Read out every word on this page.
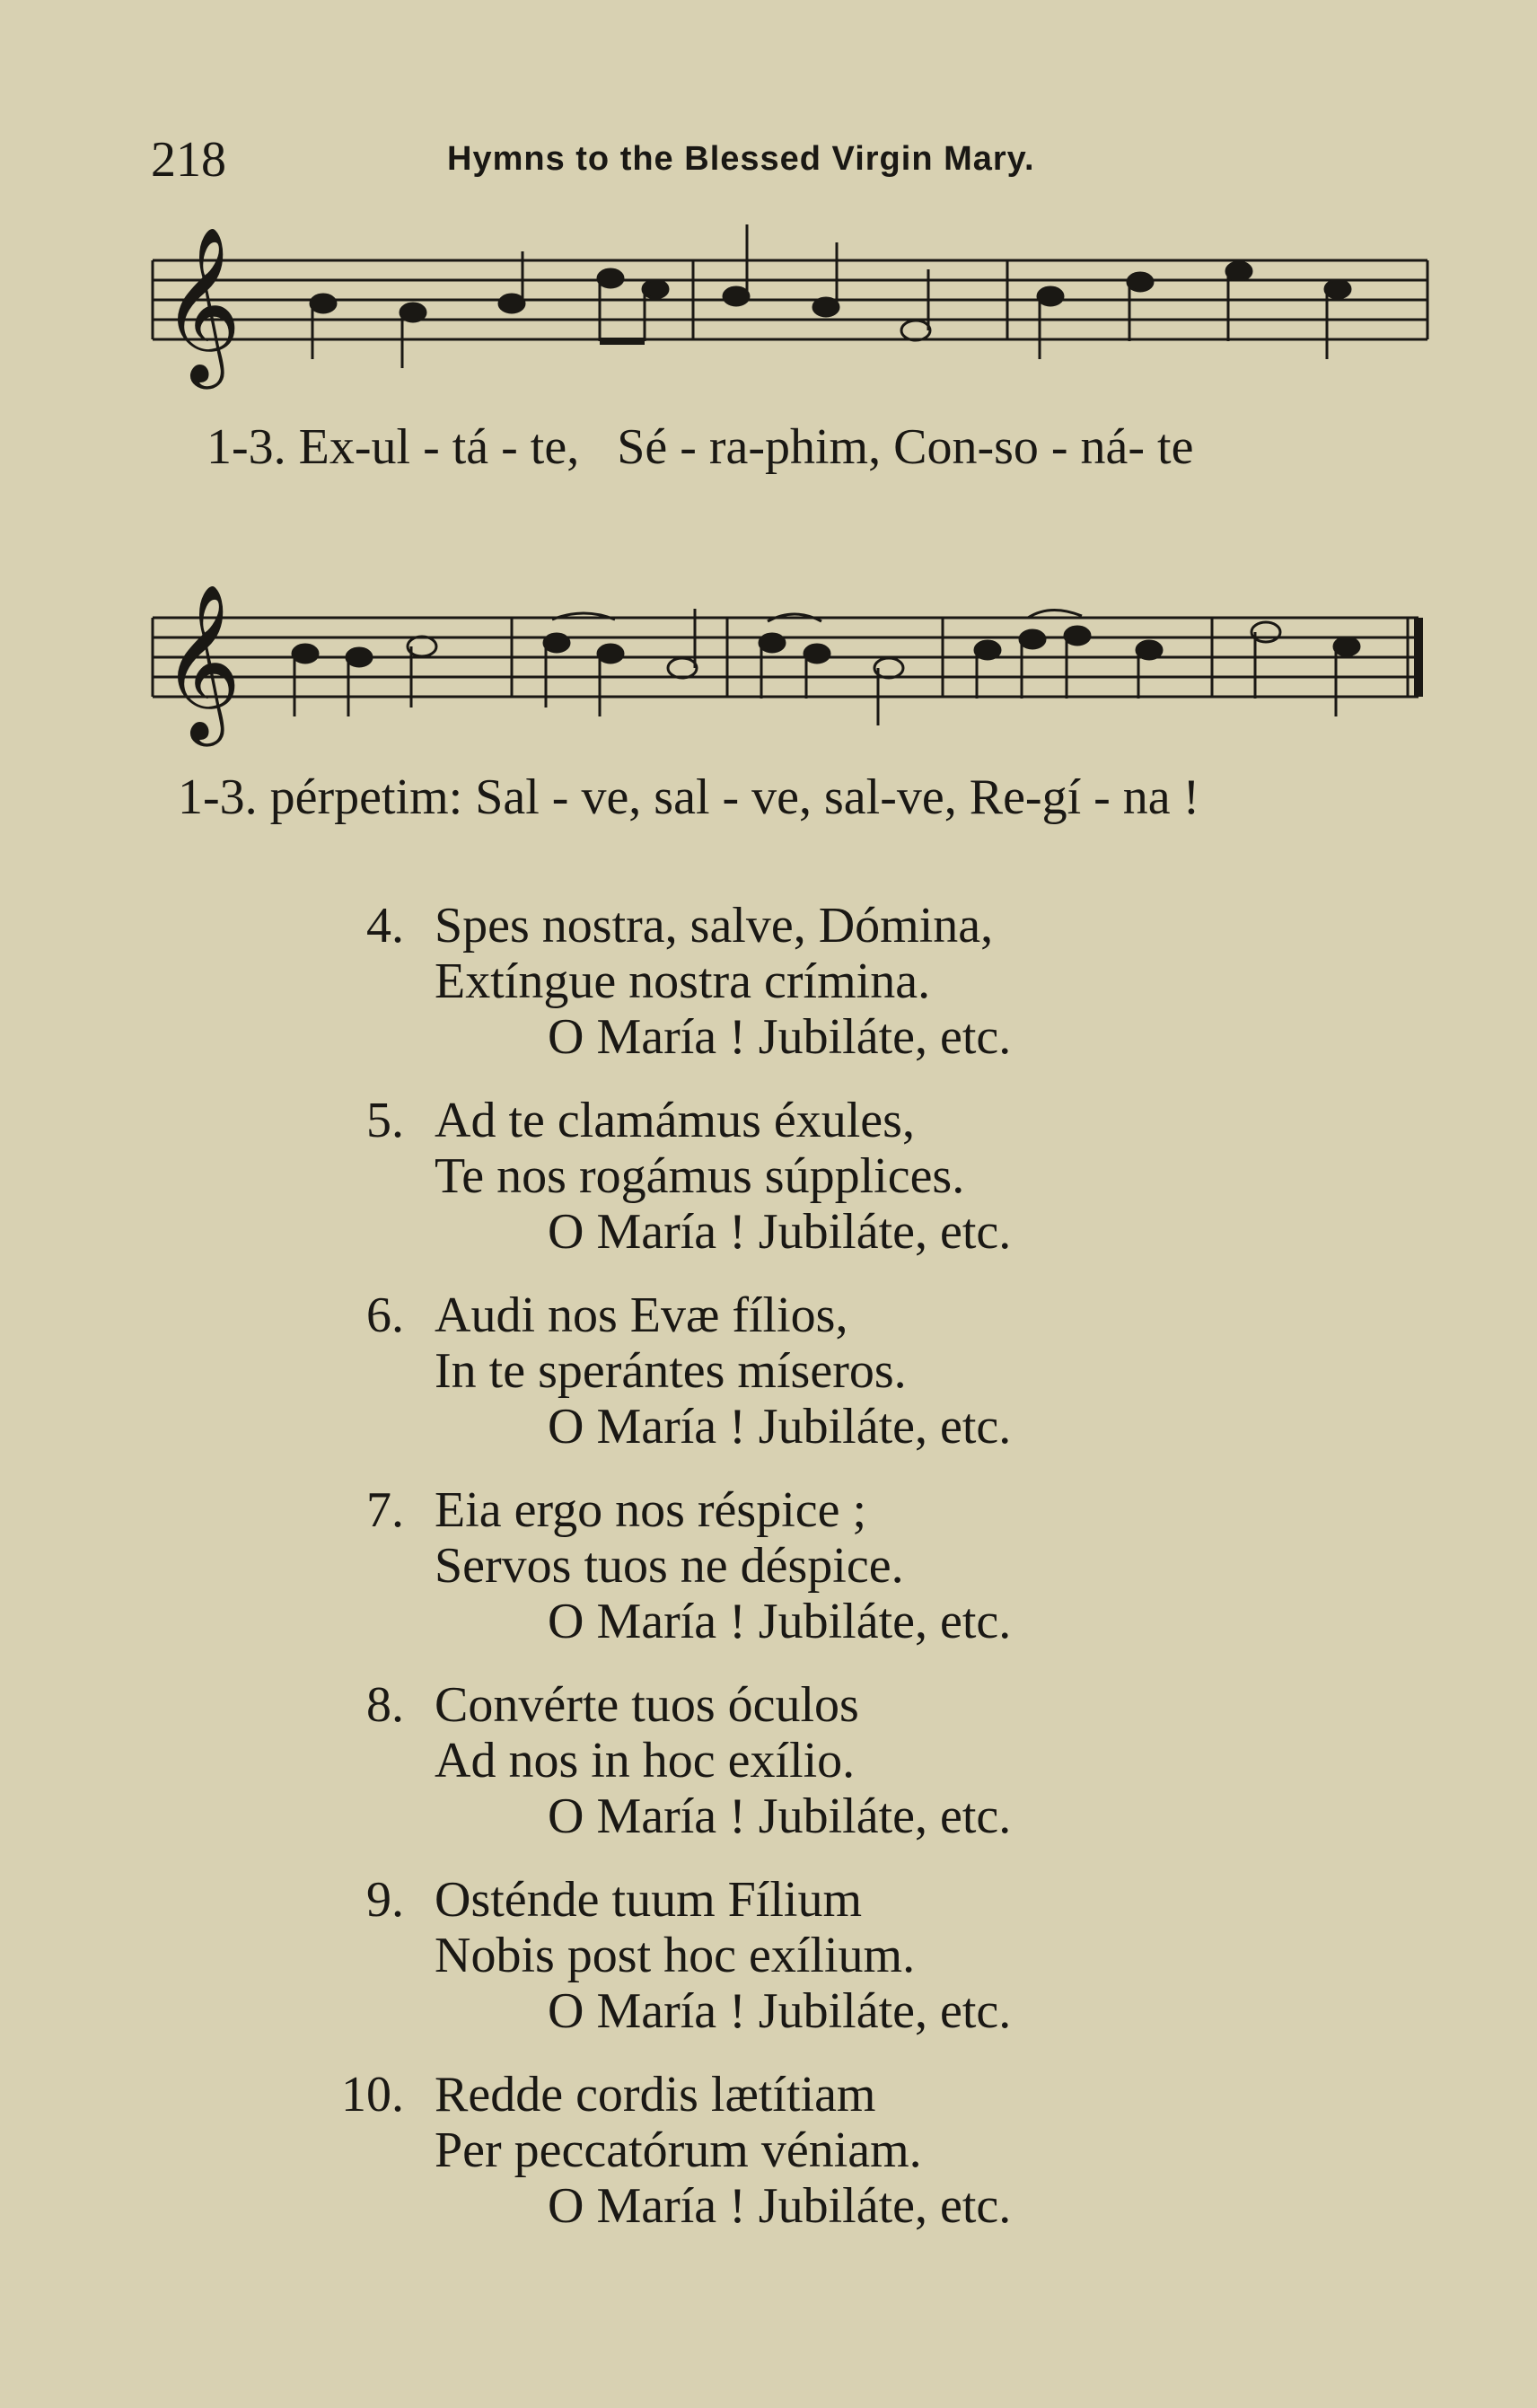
218	Hymns to the Blessed Virgin Mary.
𝄞
1-3. Ex-ul - tá - te,   Sé - ra-phim, Con-so - ná- te
𝄞
1-3. pérpetim: Sal - ve, sal - ve, sal-ve, Re-gí - na !
4. Spes nostra, salve, Dómina,
Extíngue nostra crímina.
O María ! Jubiláte, etc.
5. Ad te clamámus éxules,
Te nos rogámus súpplices.
O María ! Jubiláte, etc.
6. Audi nos Evæ fílios,
In te sperántes míseros.
O María ! Jubiláte, etc.
7. Eia ergo nos réspice ;
Servos tuos ne déspice.
O María ! Jubiláte, etc.
8. Convérte tuos óculos
Ad nos in hoc exílio.
O María ! Jubiláte, etc.
9. Osténde tuum Fílium
Nobis post hoc exílium.
O María ! Jubiláte, etc.
10. Redde cordis lætítiam
Per peccatórum véniam.
O María ! Jubiláte, etc.
